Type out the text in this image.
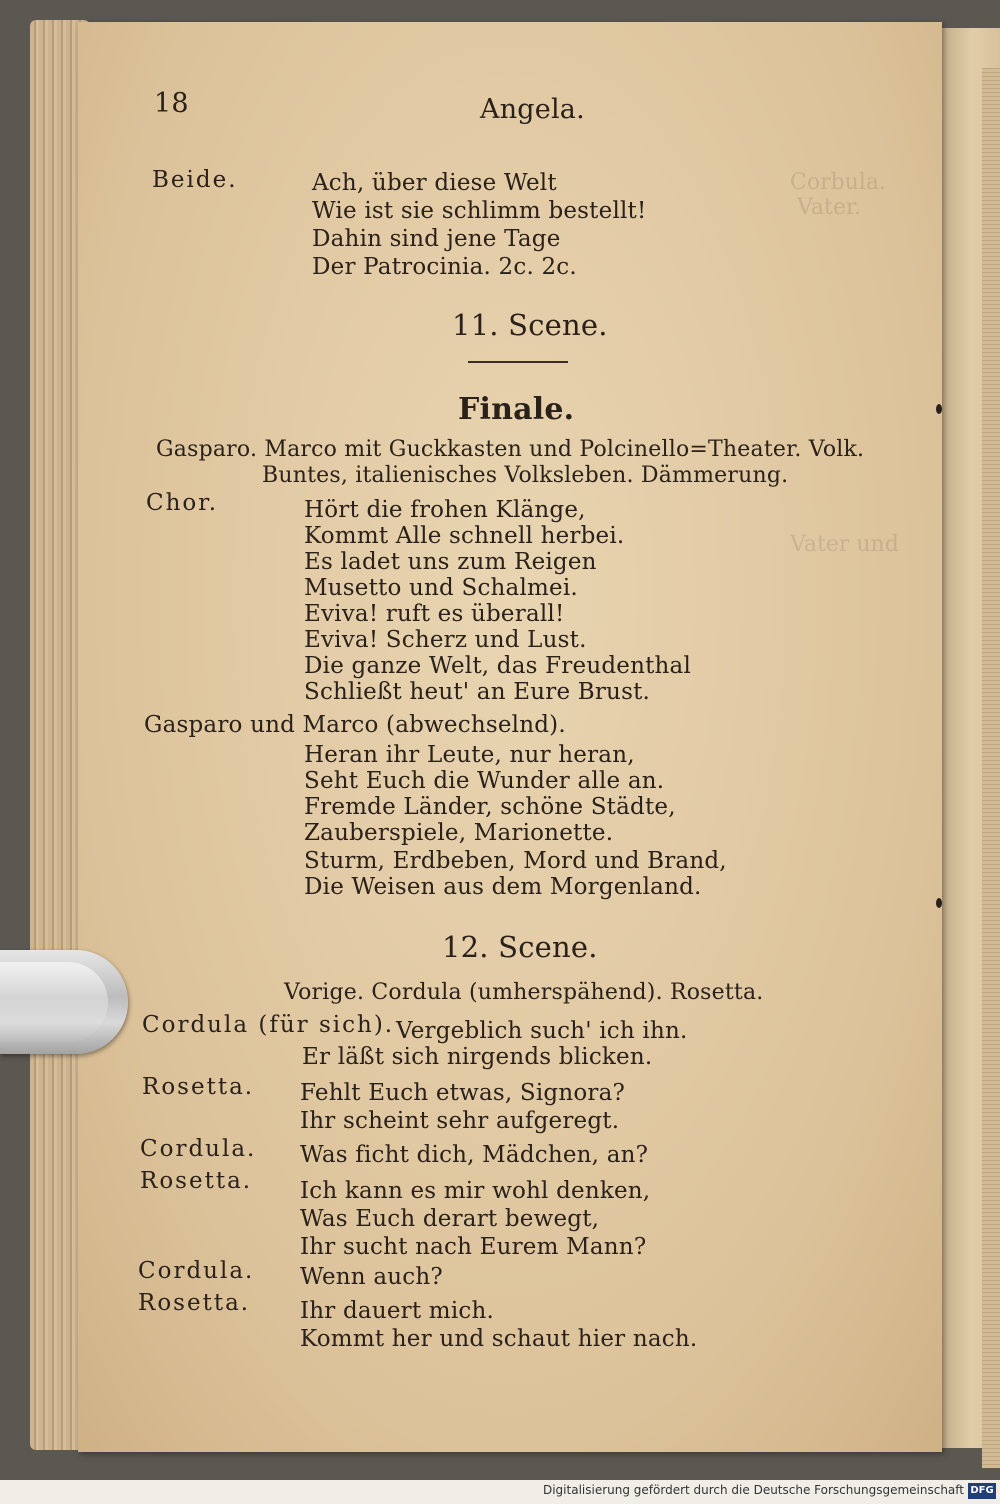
Corbula.  Vater.
Vater und
18	Angela.
Beide.	Ach, über diese Welt
Wie ist sie schlimm bestellt!
Dahin sind jene Tage
Der Patrocinia. 2c. 2c.
11. Scene.
Finale.
Gasparo. Marco mit Guckkasten und Polcinello=Theater. Volk.
Buntes, italienisches Volksleben. Dämmerung.
Chor.	Hört die frohen Klänge,
Kommt Alle schnell herbei.
Es ladet uns zum Reigen
Musetto und Schalmei.
Eviva! ruft es überall!
Eviva! Scherz und Lust.
Die ganze Welt, das Freudenthal
Schließt heut' an Eure Brust.
Gasparo und Marco (abwechselnd).
Heran ihr Leute, nur heran,
Seht Euch die Wunder alle an.
Fremde Länder, schöne Städte,
Zauberspiele, Marionette.
Sturm, Erdbeben, Mord und Brand,
Die Weisen aus dem Morgenland.
12. Scene.
Vorige. Cordula (umherspähend). Rosetta.
Cordula (für sich). Vergeblich such' ich ihn.
Er läßt sich nirgends blicken.
Rosetta. Fehlt Euch etwas, Signora?
Ihr scheint sehr aufgeregt.
Cordula. Was ficht dich, Mädchen, an?
Rosetta. Ich kann es mir wohl denken,
Was Euch derart bewegt,
Ihr sucht nach Eurem Mann?
Cordula. Wenn auch?
Rosetta. Ihr dauert mich.
Kommt her und schaut hier nach.
Digitalisierung gefördert durch die Deutsche Forschungsgemeinschaft DFG
